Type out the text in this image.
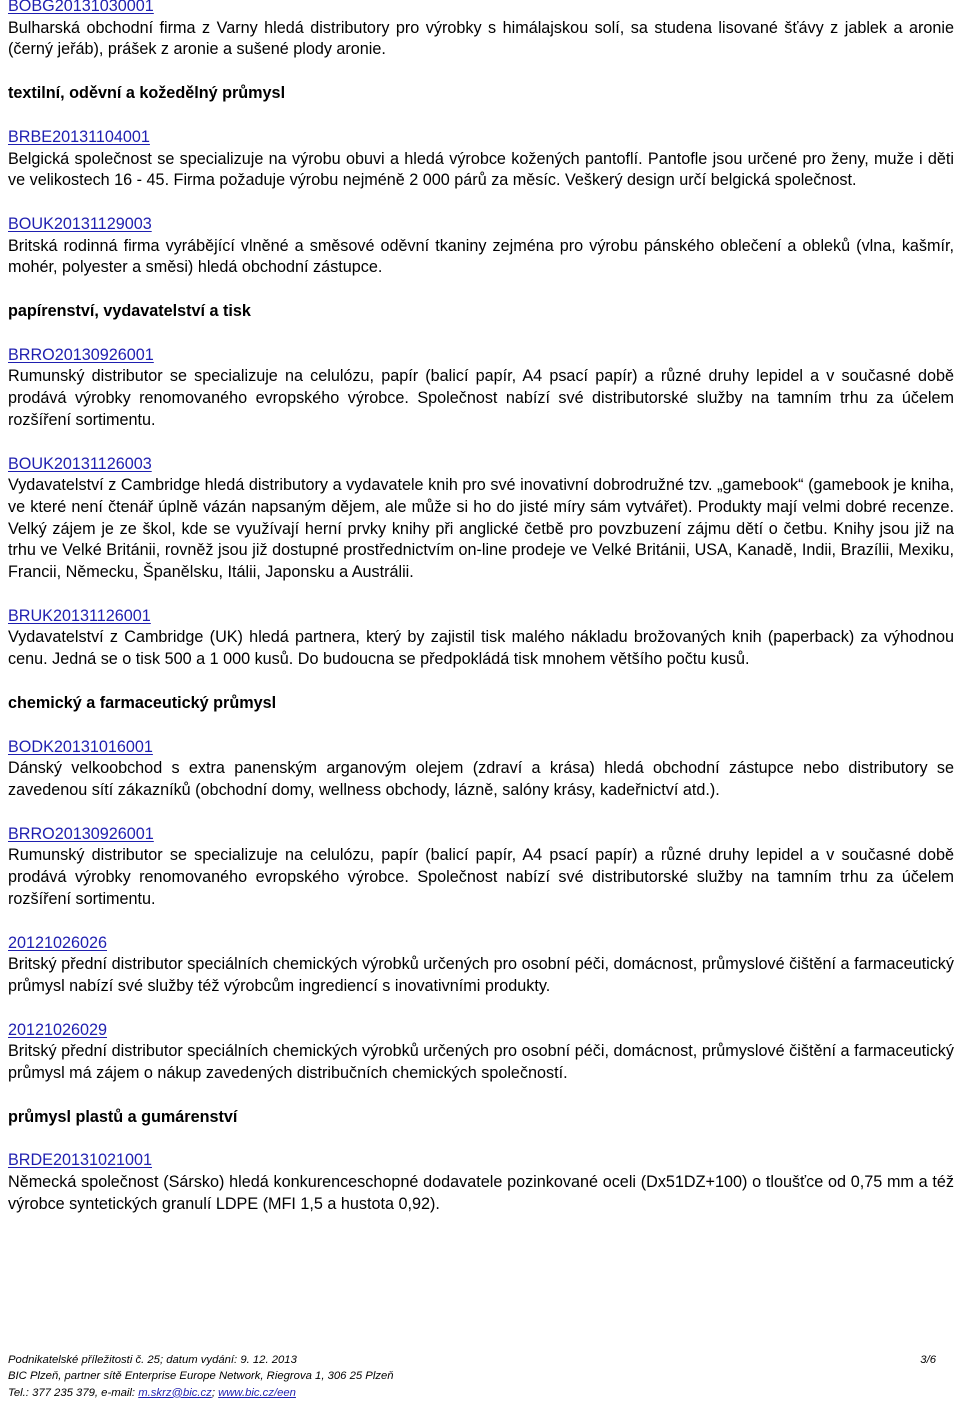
BOBG20131030001

Bulharská obchodní firma z Varny hledá distributory pro výrobky s himálajskou solí, sa studena lisované šťávy z jablek a aronie (černý jeřáb), prášek z aronie a sušené plody aronie.

textilní, oděvní a kožedělný průmysl
BRBE20131104001

Belgická společnost se specializuje na výrobu obuvi a hledá výrobce kožených pantoflí. Pantofle jsou určené pro ženy, muže i děti ve velikostech 16 - 45. Firma požaduje výrobu nejméně 2 000 párů za měsíc. Veškerý design určí belgická společnost.

BOUK20131129003

Britská rodinná firma vyrábějící vlněné a směsové oděvní tkaniny zejména pro výrobu pánského oblečení a obleků (vlna, kašmír, mohér, polyester a směsi) hledá obchodní zástupce.

papírenství, vydavatelství a tisk
BRRO20130926001

Rumunský distributor se specializuje na celulózu, papír (balicí papír, A4 psací papír) a různé druhy lepidel a v současné době prodává výrobky renomovaného evropského výrobce. Společnost nabízí své distributorské služby na tamním trhu za účelem rozšíření sortimentu.

BOUK20131126003

Vydavatelství z Cambridge hledá distributory a vydavatele knih pro své inovativní dobrodružné tzv. „gamebook“ (gamebook je kniha, ve které není čtenář úplně vázán napsaným dějem, ale může si ho do jisté míry sám vytvářet). Produkty mají velmi dobré recenze. Velký zájem je ze škol, kde se využívají herní prvky knihy při anglické četbě pro povzbuzení zájmu dětí o četbu. Knihy jsou již na trhu ve Velké Británii, rovněž jsou již dostupné prostřednictvím on-line prodeje ve Velké Británii, USA, Kanadě, Indii, Brazílii, Mexiku, Francii, Německu, Španělsku, Itálii, Japonsku a Austrálii.

BRUK20131126001

Vydavatelství z Cambridge (UK) hledá partnera, který by zajistil tisk malého nákladu brožovaných knih (paperback) za výhodnou cenu. Jedná se o tisk 500 a 1 000 kusů. Do budoucna se předpokládá tisk mnohem většího počtu kusů.

chemický a farmaceutický průmysl
BODK20131016001

Dánský velkoobchod s extra panenským arganovým olejem (zdraví a krása) hledá obchodní zástupce nebo distributory se zavedenou sítí zákazníků (obchodní domy, wellness obchody, lázně, salóny krásy, kadeřnictví atd.).

BRRO20130926001

Rumunský distributor se specializuje na celulózu, papír (balicí papír, A4 psací papír) a různé druhy lepidel a v současné době prodává výrobky renomovaného evropského výrobce. Společnost nabízí své distributorské služby na tamním trhu za účelem rozšíření sortimentu.

20121026026

Britský přední distributor speciálních chemických výrobků určených pro osobní péči, domácnost, průmyslové čištění a farmaceutický průmysl nabízí své služby též výrobcům ingrediencí s inovativními produkty.

20121026029

Britský přední distributor speciálních chemických výrobků určených pro osobní péči, domácnost, průmyslové čištění a farmaceutický průmysl má zájem o nákup zavedených distribučních chemických společností.

průmysl plastů a gumárenství
BRDE20131021001

Německá společnost (Sársko) hledá konkurenceschopné dodavatele pozinkované oceli (Dx51DZ+100) o tloušťce od 0,75 mm a též výrobce syntetických granulí LDPE (MFI 1,5 a hustota 0,92).

Podnikatelské příležitosti č. 25; datum vydání: 9. 12. 2013	3/6
BIC Plzeň, partner sítě Enterprise Europe Network, Riegrova 1, 306 25 Plzeň
Tel.: 377 235 379, e-mail: m.skrz@bic.cz; www.bic.cz/een
